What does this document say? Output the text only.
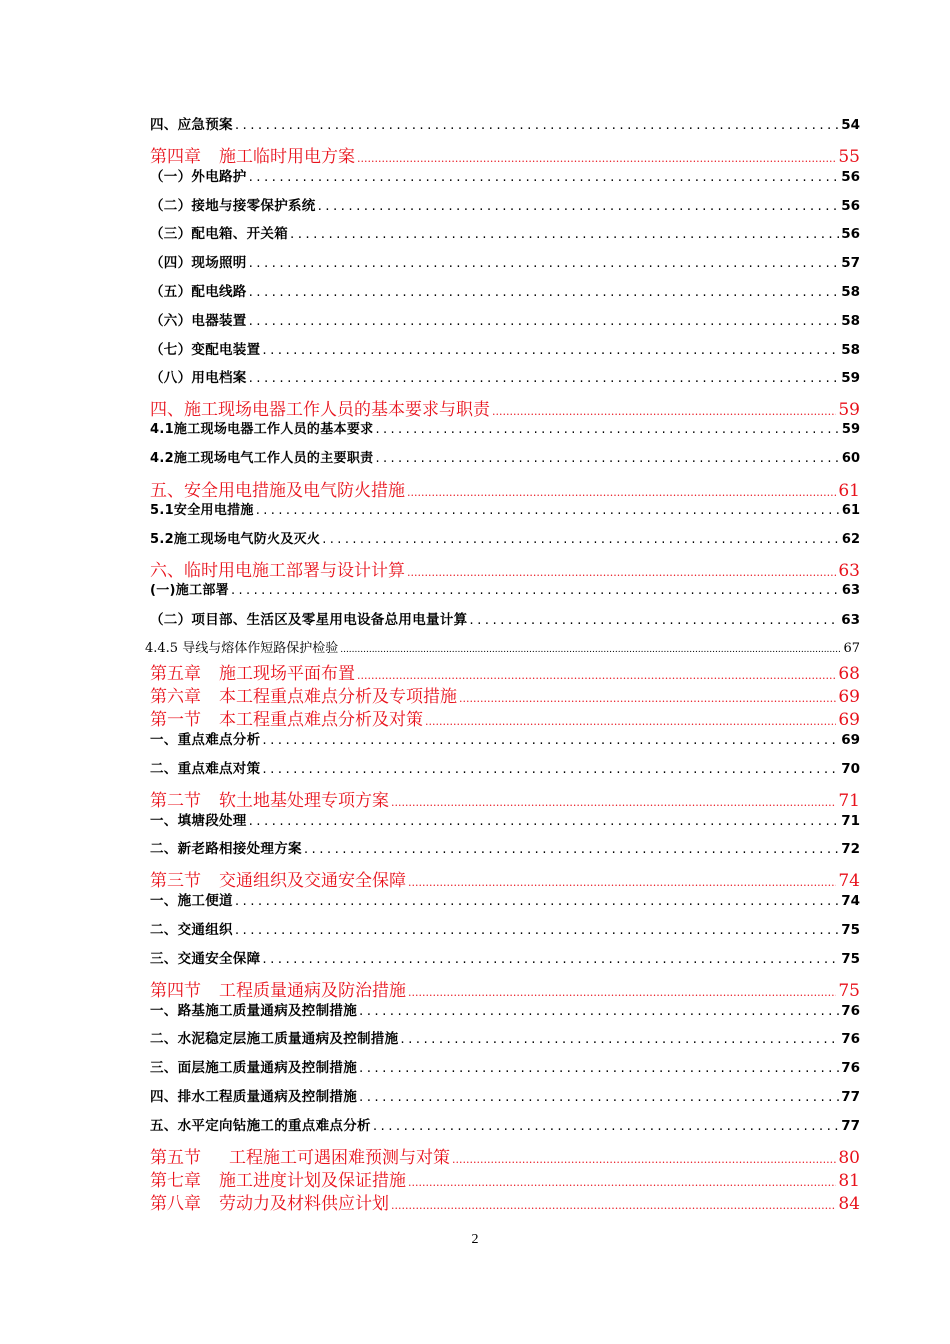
四、应急预案 .....	54
第四章 施工临时用电方案 .....	55
（一）外电路护 .....	56
（二）接地与接零保护系统 .....	56
（三）配电箱、开关箱 .....	56
（四）现场照明 .....	57
（五）配电线路 .....	58
（六）电器装置 .....	58
（七）变配电装置 .....	58
（八）用电档案 .....	59
四、施工现场电器工作人员的基本要求与职责 .....	59
4.1施工现场电器工作人员的基本要求 .....	59
4.2施工现场电气工作人员的主要职责 .....	60
五、安全用电措施及电气防火措施 .....	61
5.1安全用电措施 .....	61
5.2施工现场电气防火及灭火 .....	62
六、临时用电施工部署与设计计算 .....	63
(一)施工部署 .....	63
（二）项目部、生活区及零星用电设备总用电量计算 .....	63
4.4.5 导线与熔体作短路保护检验 .....	67
第五章 施工现场平面布置 .....	68
第六章 本工程重点难点分析及专项措施 .....	69
第一节 本工程重点难点分析及对策 .....	69
一、重点难点分析 .....	69
二、重点难点对策 .....	70
第二节 软土地基处理专项方案 .....	71
一、填塘段处理 .....	71
二、新老路相接处理方案 .....	72
第三节 交通组织及交通安全保障 .....	74
一、施工便道 .....	74
二、交通组织 .....	75
三、交通安全保障 .....	75
第四节 工程质量通病及防治措施 .....	75
一、路基施工质量通病及控制措施 .....	76
二、水泥稳定层施工质量通病及控制措施 .....	76
三、面层施工质量通病及控制措施 .....	76
四、排水工程质量通病及控制措施 .....	77
五、水平定向钻施工的重点难点分析 .....	77
第五节 工程施工可遇困难预测与对策 .....	80
第七章 施工进度计划及保证措施 .....	81
第八章 劳动力及材料供应计划 .....	84
2
